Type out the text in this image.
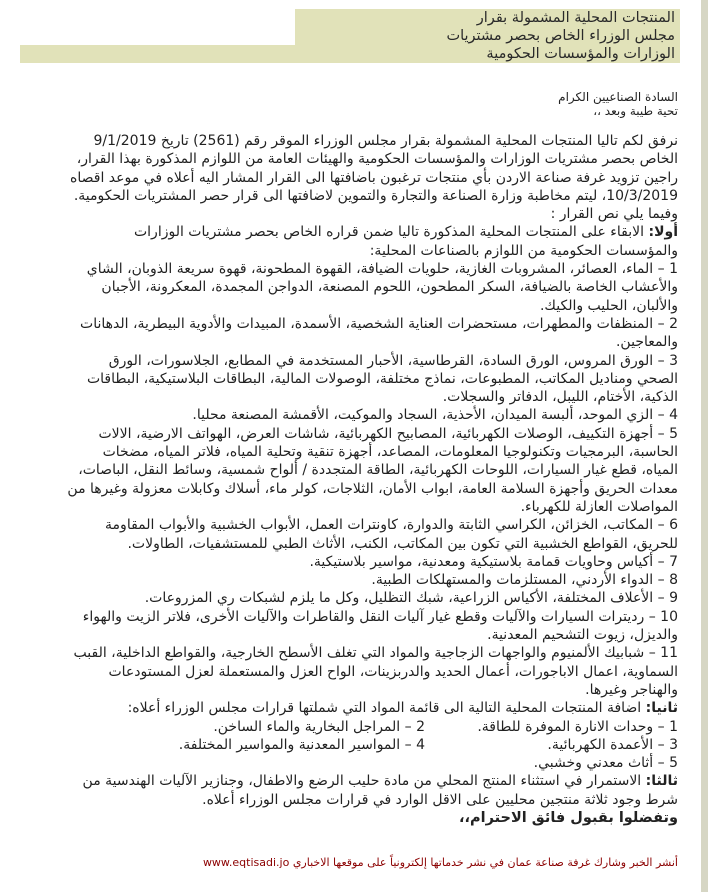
المنتجات المحلية المشمولة بقرار
مجلس الوزراء الخاص بحصر مشتريات
الوزارات والمؤسسات الحكومية
السادة الصناعيين الكرام
تحية طيبة وبعد ،،

نرفق لكم تاليا المنتجات المحلية المشمولة بقرار مجلس الوزراء الموقر رقم (2561) تاريخ 9/1/2019 الخاص بحصر مشتريات الوزارات والمؤسسات الحكومية والهيئات العامة من اللوازم المذكورة بهذا القرار، راجين تزويد غرفة صناعة الاردن بأي منتجات ترغبون باضافتها الى القرار المشار اليه أعلاه في موعد اقصاه 10/3/2019، ليتم مخاطبة وزارة الصناعة والتجارة والتموين لاضافتها الى قرار حصر المشتريات الحكومية.

وفيما يلي نص القرار :

أولا: الابقاء على المنتجات المحلية المذكورة تاليا ضمن قراره الخاص بحصر مشتريات الوزارات والمؤسسات الحكومية من اللوازم بالصناعات المحلية:

1 – الماء، العصائر، المشروبات الغازية، حلويات الضيافة، القهوة المطحونة، قهوة سريعة الذوبان، الشاي والأعشاب الخاصة بالضيافة، السكر المطحون، اللحوم المصنعة، الدواجن المجمدة، المعكرونة، الأجبان والألبان، الحليب والكيك.

2 – المنظفات والمطهرات، مستحضرات العناية الشخصية، الأسمدة، المبيدات والأدوية البيطرية، الدهانات والمعاجين.

3 – الورق المروس، الورق السادة، القرطاسية، الأحبار المستخدمة في المطابع، الجلاسورات، الورق الصحي ومناديل المكاتب، المطبوعات، نماذج مختلفة، الوصولات المالية، البطاقات البلاستيكية، البطاقات الذكية، الأختام، الليبل، الدفاتر والسجلات.

4 – الزي الموحد، ألبسة الميدان، الأحذية، السجاد والموكيت، الأقمشة المصنعة محليا.

5 – أجهزة التكييف، الوصلات الكهربائية، المصابيح الكهربائية، شاشات العرض، الهواتف الارضية، الالات الحاسبة، البرمجيات وتكنولوجيا المعلومات، المصاعد، أجهزة تنقية وتحلية المياه، فلاتر المياه، مضخات المياه، قطع غيار السيارات، اللوحات الكهربائية، الطاقة المتجددة / ألواح شمسية، وسائط النقل، الباصات، معدات الحريق وأجهزة السلامة العامة، ابواب الأمان، الثلاجات، كولر ماء، أسلاك وكابلات معزولة وغيرها من المواصلات العازلة للكهرباء.

6 – المكاتب، الخزائن، الكراسي الثابتة والدوارة، كاونترات العمل، الأبواب الخشبية والأبواب المقاومة للحريق، القواطع الخشبية التي تكون بين المكاتب، الكنب، الأثاث الطبي للمستشفيات، الطاولات.

7 – أكياس وحاويات قمامة بلاستيكية ومعدنية، مواسير بلاستيكية.

8 – الدواء الأردني، المستلزمات والمستهلكات الطبية.

9 – الأعلاف المختلفة، الأكياس الزراعية، شبك التظليل، وكل ما يلزم لشبكات ري المزروعات.

10 – رديترات السيارات والآليات وقطع غيار آليات النقل والقاطرات والآليات الأخرى، فلاتر الزيت والهواء والديزل، زيوت التشحيم المعدنية.

11 – شبابيك الألمنيوم والواجهات الزجاجية والمواد التي تغلف الأسطح الخارجية، والقواطع الداخلية، القبب السماوية، اعمال الاباجورات، أعمال الحديد والدربزينات، الواح العزل والمستعملة لعزل المستودعات والهناجر وغيرها.

ثانيا: اضافة المنتجات المحلية التالية الى قائمة المواد التي شملتها قرارات مجلس الوزراء أعلاه:

1 – وحدات الانارة الموفرة للطاقة.
2 – المراجل البخارية والماء الساخن.
3 – الأعمدة الكهربائية.
4 – المواسير المعدنية والمواسير المختلفة.

5 – أثاث معدني وخشبي.

ثالثا: الاستمرار في استثناء المنتج المحلي من مادة حليب الرضع والاطفال، وجنازير الآليات الهندسية من شرط وجود ثلاثة منتجين محليين على الاقل الوارد في قرارات مجلس الوزراء أعلاه.

وتفضلوا بقبول فائق الاحترام،،

أنشر الخبر وشارك غرفة صناعة عمان في نشر خدماتها إلكترونياً على موقعها الاخباري www.eqtisadi.jo
